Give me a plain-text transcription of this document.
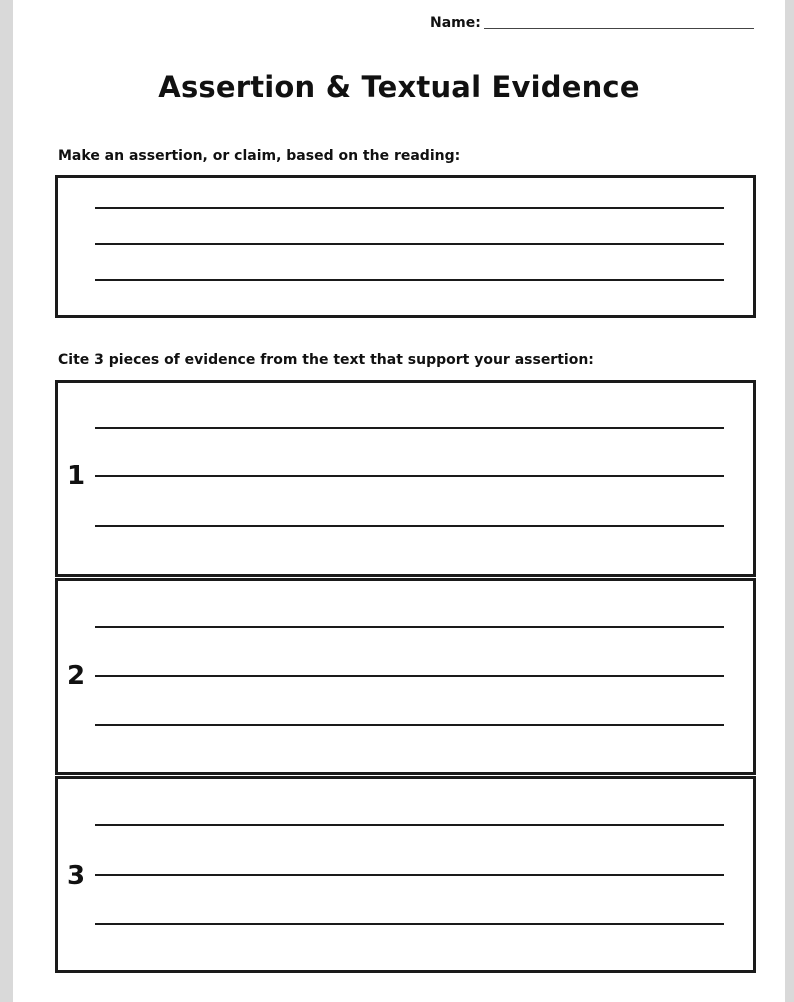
Name:
Assertion & Textual Evidence
Make an assertion, or claim, based on the reading:
Cite 3 pieces of evidence from the text that support your assertion:
1
2
3
